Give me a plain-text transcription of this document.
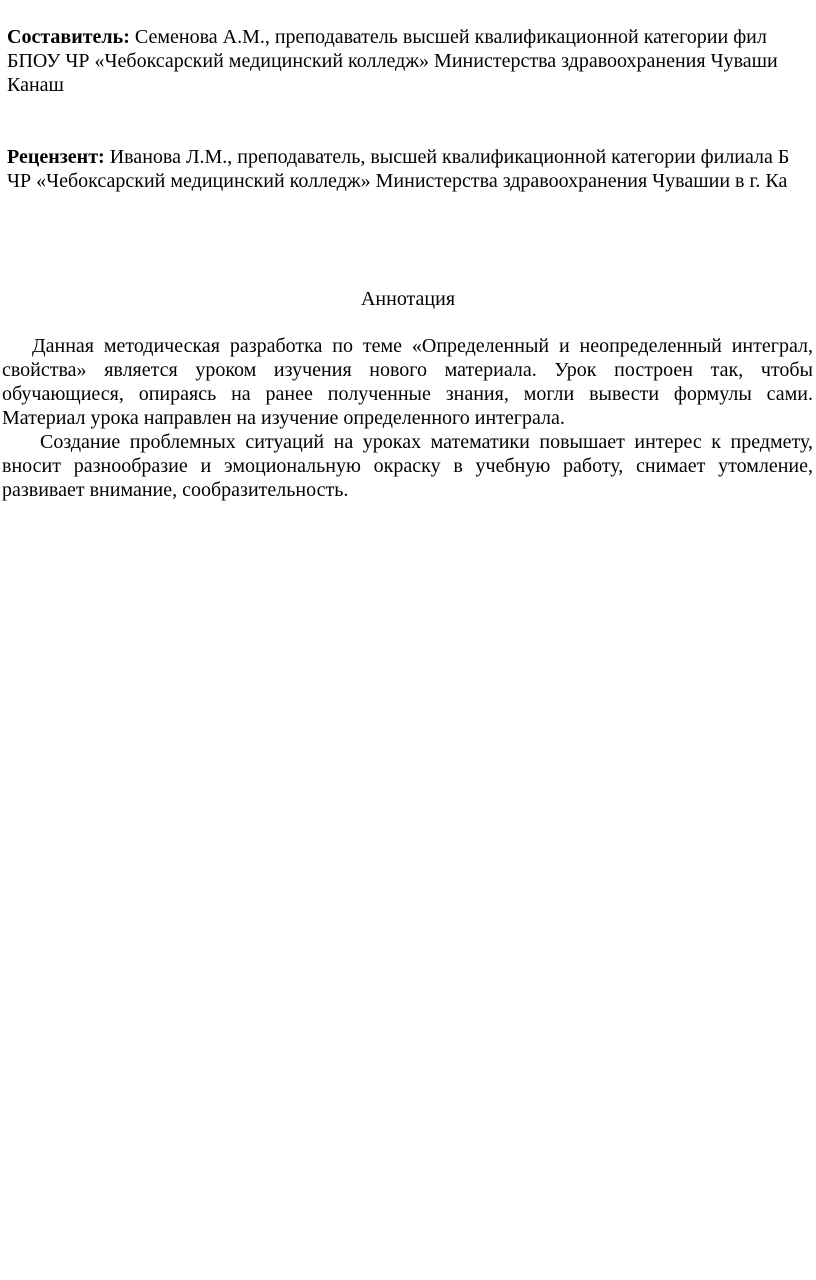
Составитель: Семенова А.М., преподаватель высшей квалификационной категории фил
БПОУ ЧР «Чебоксарский медицинский колледж» Министерства здравоохранения Чуваши
Канаш
Рецензент: Иванова Л.М., преподаватель, высшей квалификационной категории филиала Б
ЧР «Чебоксарский медицинский колледж» Министерства здравоохранения Чувашии в г. Ка
Аннотация
Данная методическая разработка по теме «Определенный и неопределенный интеграл,
свойства» является уроком изучения нового материала. Урок построен так, чтобы
обучающиеся, опираясь на ранее полученные знания, могли вывести формулы сами.
Материал урока направлен на изучение определенного интеграла.
Создание проблемных ситуаций на уроках математики повышает интерес к предмету,
вносит разнообразие и эмоциональную окраску в учебную работу, снимает утомление,
развивает внимание, сообразительность.
